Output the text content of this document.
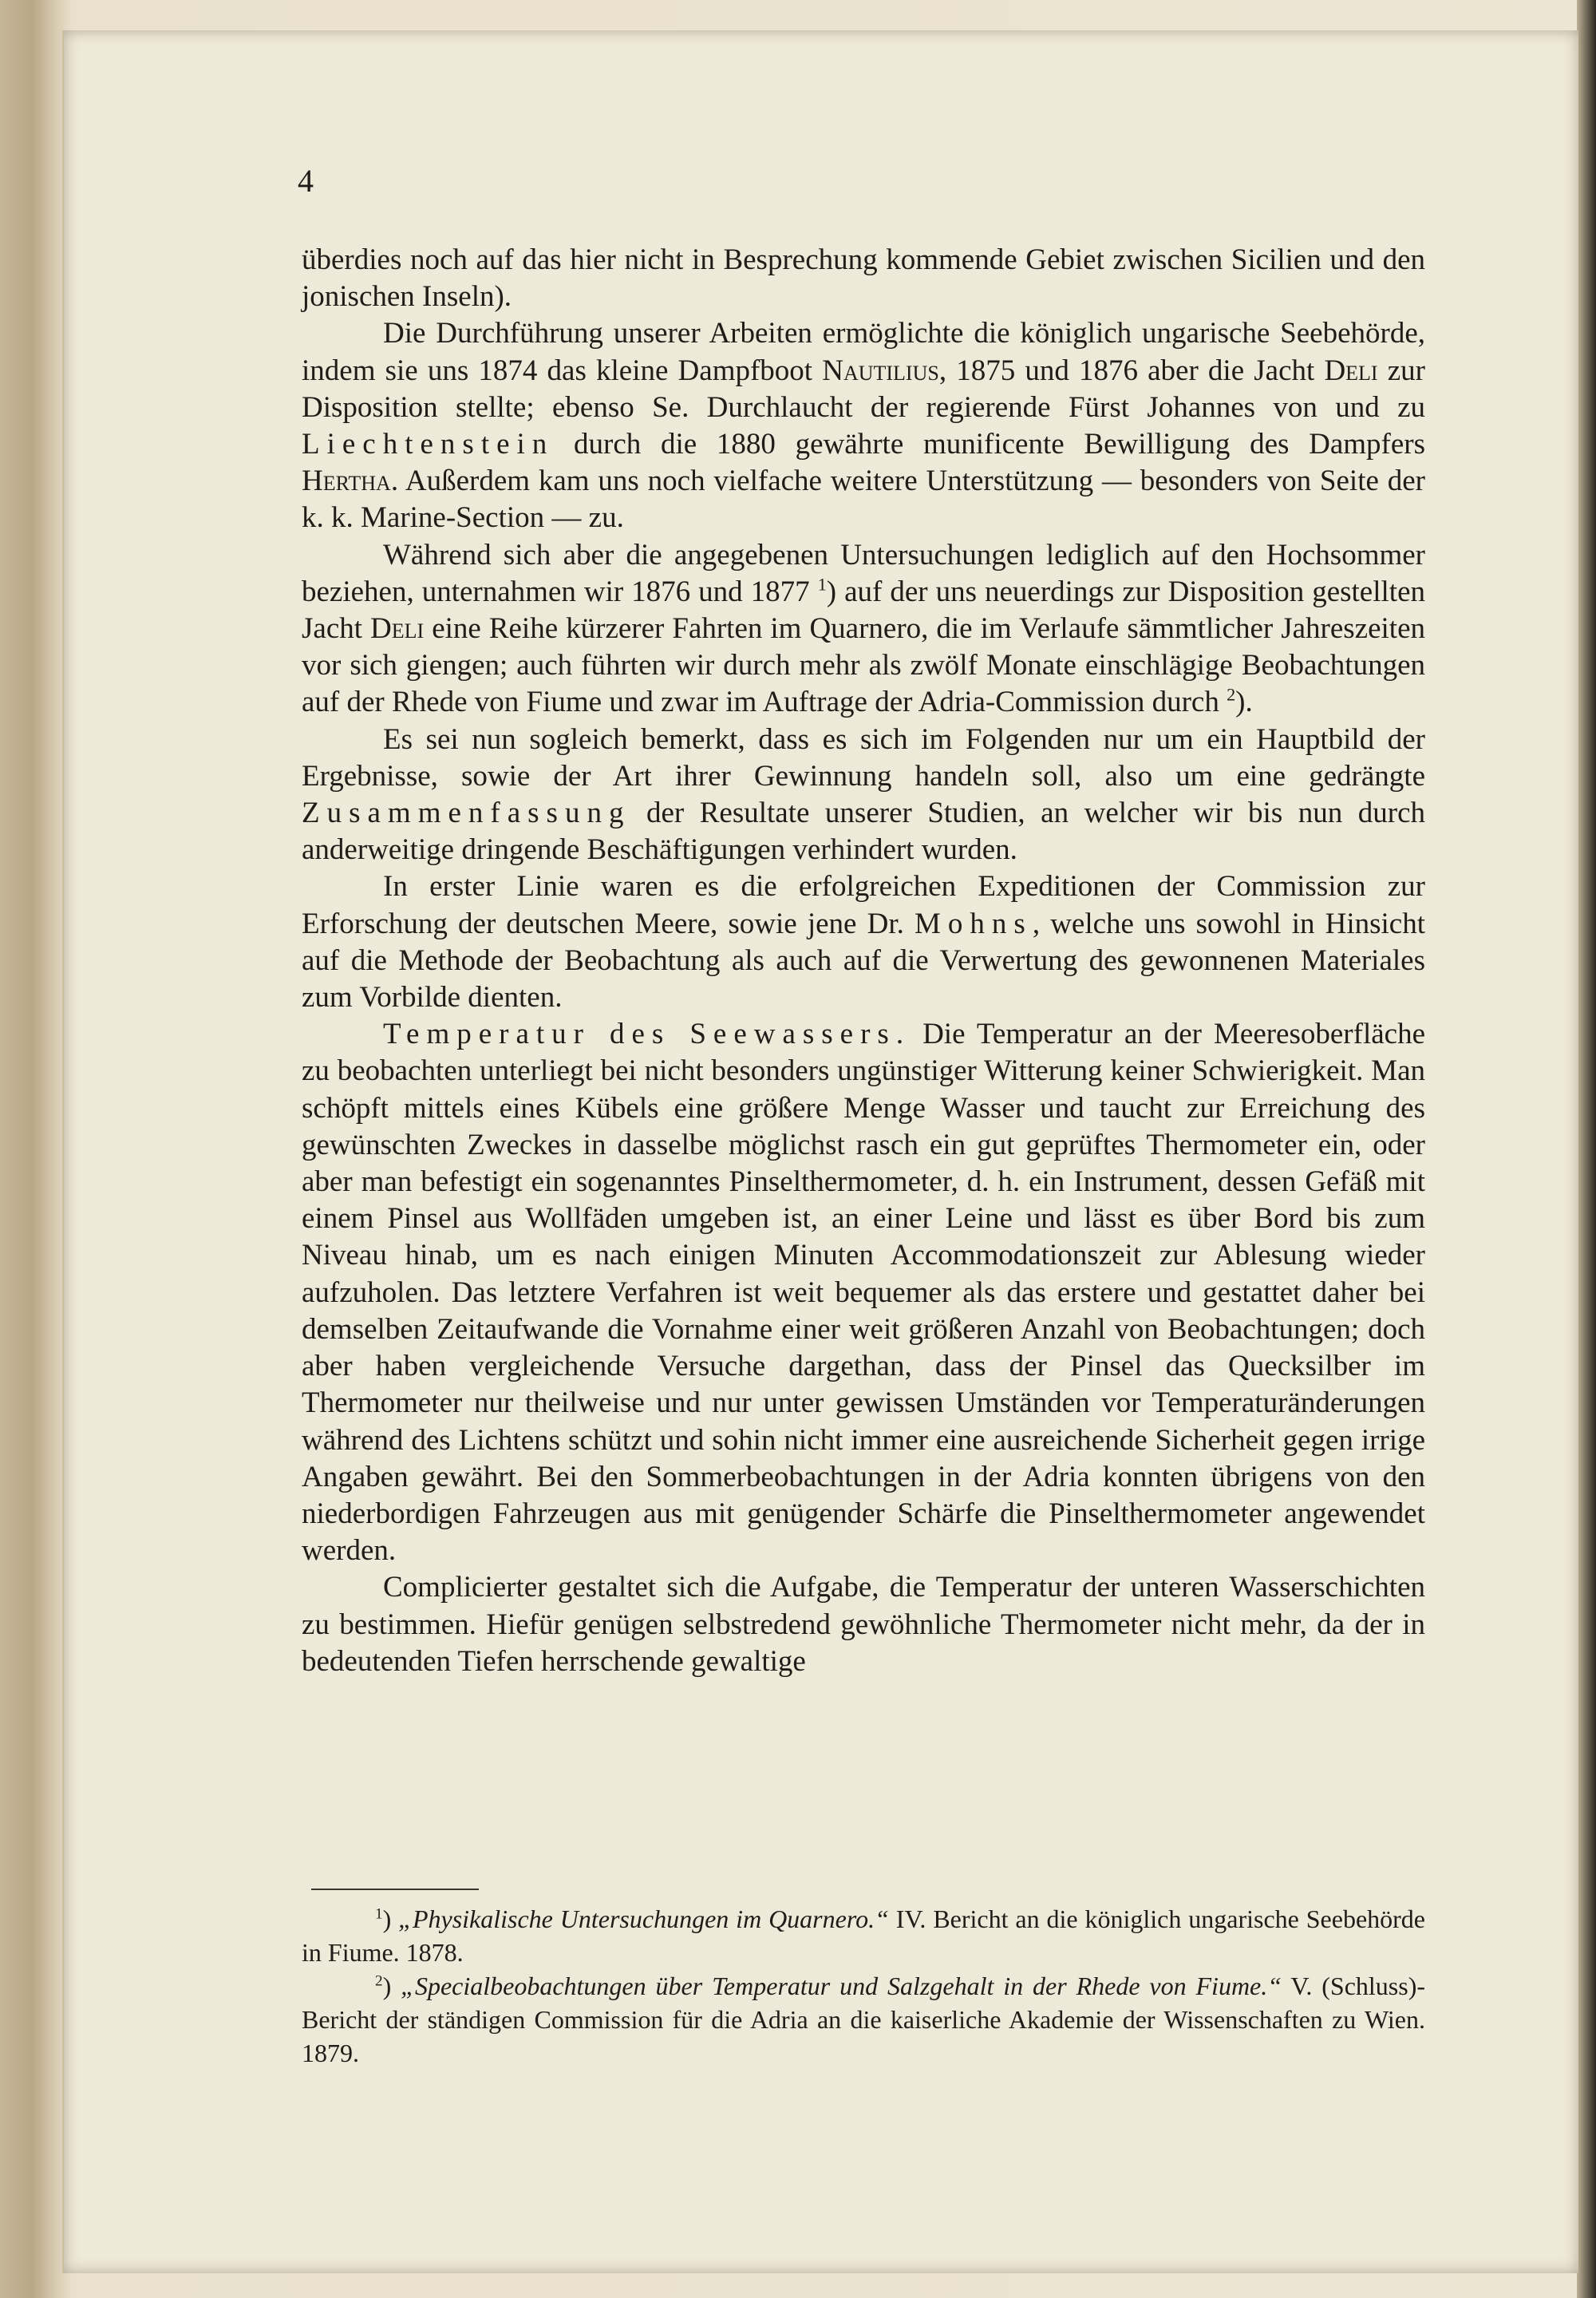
4

überdies noch auf das hier nicht in Besprechung kommende Gebiet zwischen Sicilien und den jonischen Inseln).

Die Durchführung unserer Arbeiten ermöglichte die königlich ungarische Seebehörde, indem sie uns 1874 das kleine Dampfboot Nautilius, 1875 und 1876 aber die Jacht Deli zur Disposition stellte; ebenso Se. Durchlaucht der regierende Fürst Johannes von und zu Liechtenstein durch die 1880 gewährte munificente Bewilligung des Dampfers Hertha. Außerdem kam uns noch vielfache weitere Unterstützung — besonders von Seite der k. k. Marine-Section — zu.

Während sich aber die angegebenen Untersuchungen lediglich auf den Hochsommer beziehen, unternahmen wir 1876 und 1877 $^1$) auf der uns neuerdings zur Disposition gestellten Jacht Deli eine Reihe kürzerer Fahrten im Quarnero, die im Verlaufe sämmtlicher Jahreszeiten vor sich giengen; auch führten wir durch mehr als zwölf Monate einschlägige Beobachtungen auf der Rhede von Fiume und zwar im Auftrage der Adria-Commission durch $^2$).

Es sei nun sogleich bemerkt, dass es sich im Folgenden nur um ein Hauptbild der Ergebnisse, sowie der Art ihrer Gewinnung handeln soll, also um eine gedrängte Zusammenfassung der Resultate unserer Studien, an welcher wir bis nun durch anderweitige dringende Beschäftigungen verhindert wurden.

In erster Linie waren es die erfolgreichen Expeditionen der Commission zur Erforschung der deutschen Meere, sowie jene Dr. Mohns, welche uns sowohl in Hinsicht auf die Methode der Beobachtung als auch auf die Verwertung des gewonnenen Materiales zum Vorbilde dienten.

Temperatur des Seewassers. Die Temperatur an der Meeresoberfläche zu beobachten unterliegt bei nicht besonders ungünstiger Witterung keiner Schwierigkeit. Man schöpft mittels eines Kübels eine größere Menge Wasser und taucht zur Erreichung des gewünschten Zweckes in dasselbe möglichst rasch ein gut geprüftes Thermometer ein, oder aber man befestigt ein sogenanntes Pinselthermometer, d. h. ein Instrument, dessen Gefäß mit einem Pinsel aus Wollfäden umgeben ist, an einer Leine und lässt es über Bord bis zum Niveau hinab, um es nach einigen Minuten Accommodationszeit zur Ablesung wieder aufzuholen. Das letztere Verfahren ist weit bequemer als das erstere und gestattet daher bei demselben Zeitaufwande die Vornahme einer weit größeren Anzahl von Beobachtungen; doch aber haben vergleichende Versuche dargethan, dass der Pinsel das Quecksilber im Thermometer nur theilweise und nur unter gewissen Umständen vor Temperaturänderungen während des Lichtens schützt und sohin nicht immer eine ausreichende Sicherheit gegen irrige Angaben gewährt. Bei den Sommerbeobachtungen in der Adria konnten übrigens von den niederbordigen Fahrzeugen aus mit genügender Schärfe die Pinselthermometer angewendet werden.

Complicierter gestaltet sich die Aufgabe, die Temperatur der unteren Wasserschichten zu bestimmen. Hiefür genügen selbstredend gewöhnliche Thermometer nicht mehr, da der in bedeutenden Tiefen herrschende gewaltige

$^1$) „Physikalische Untersuchungen im Quarnero.“ IV. Bericht an die königlich ungarische Seebehörde in Fiume. 1878.

$^2$) „Specialbeobachtungen über Temperatur und Salzgehalt in der Rhede von Fiume.“ V. (Schluss)-Bericht der ständigen Commission für die Adria an die kaiserliche Akademie der Wissenschaften zu Wien. 1879.
